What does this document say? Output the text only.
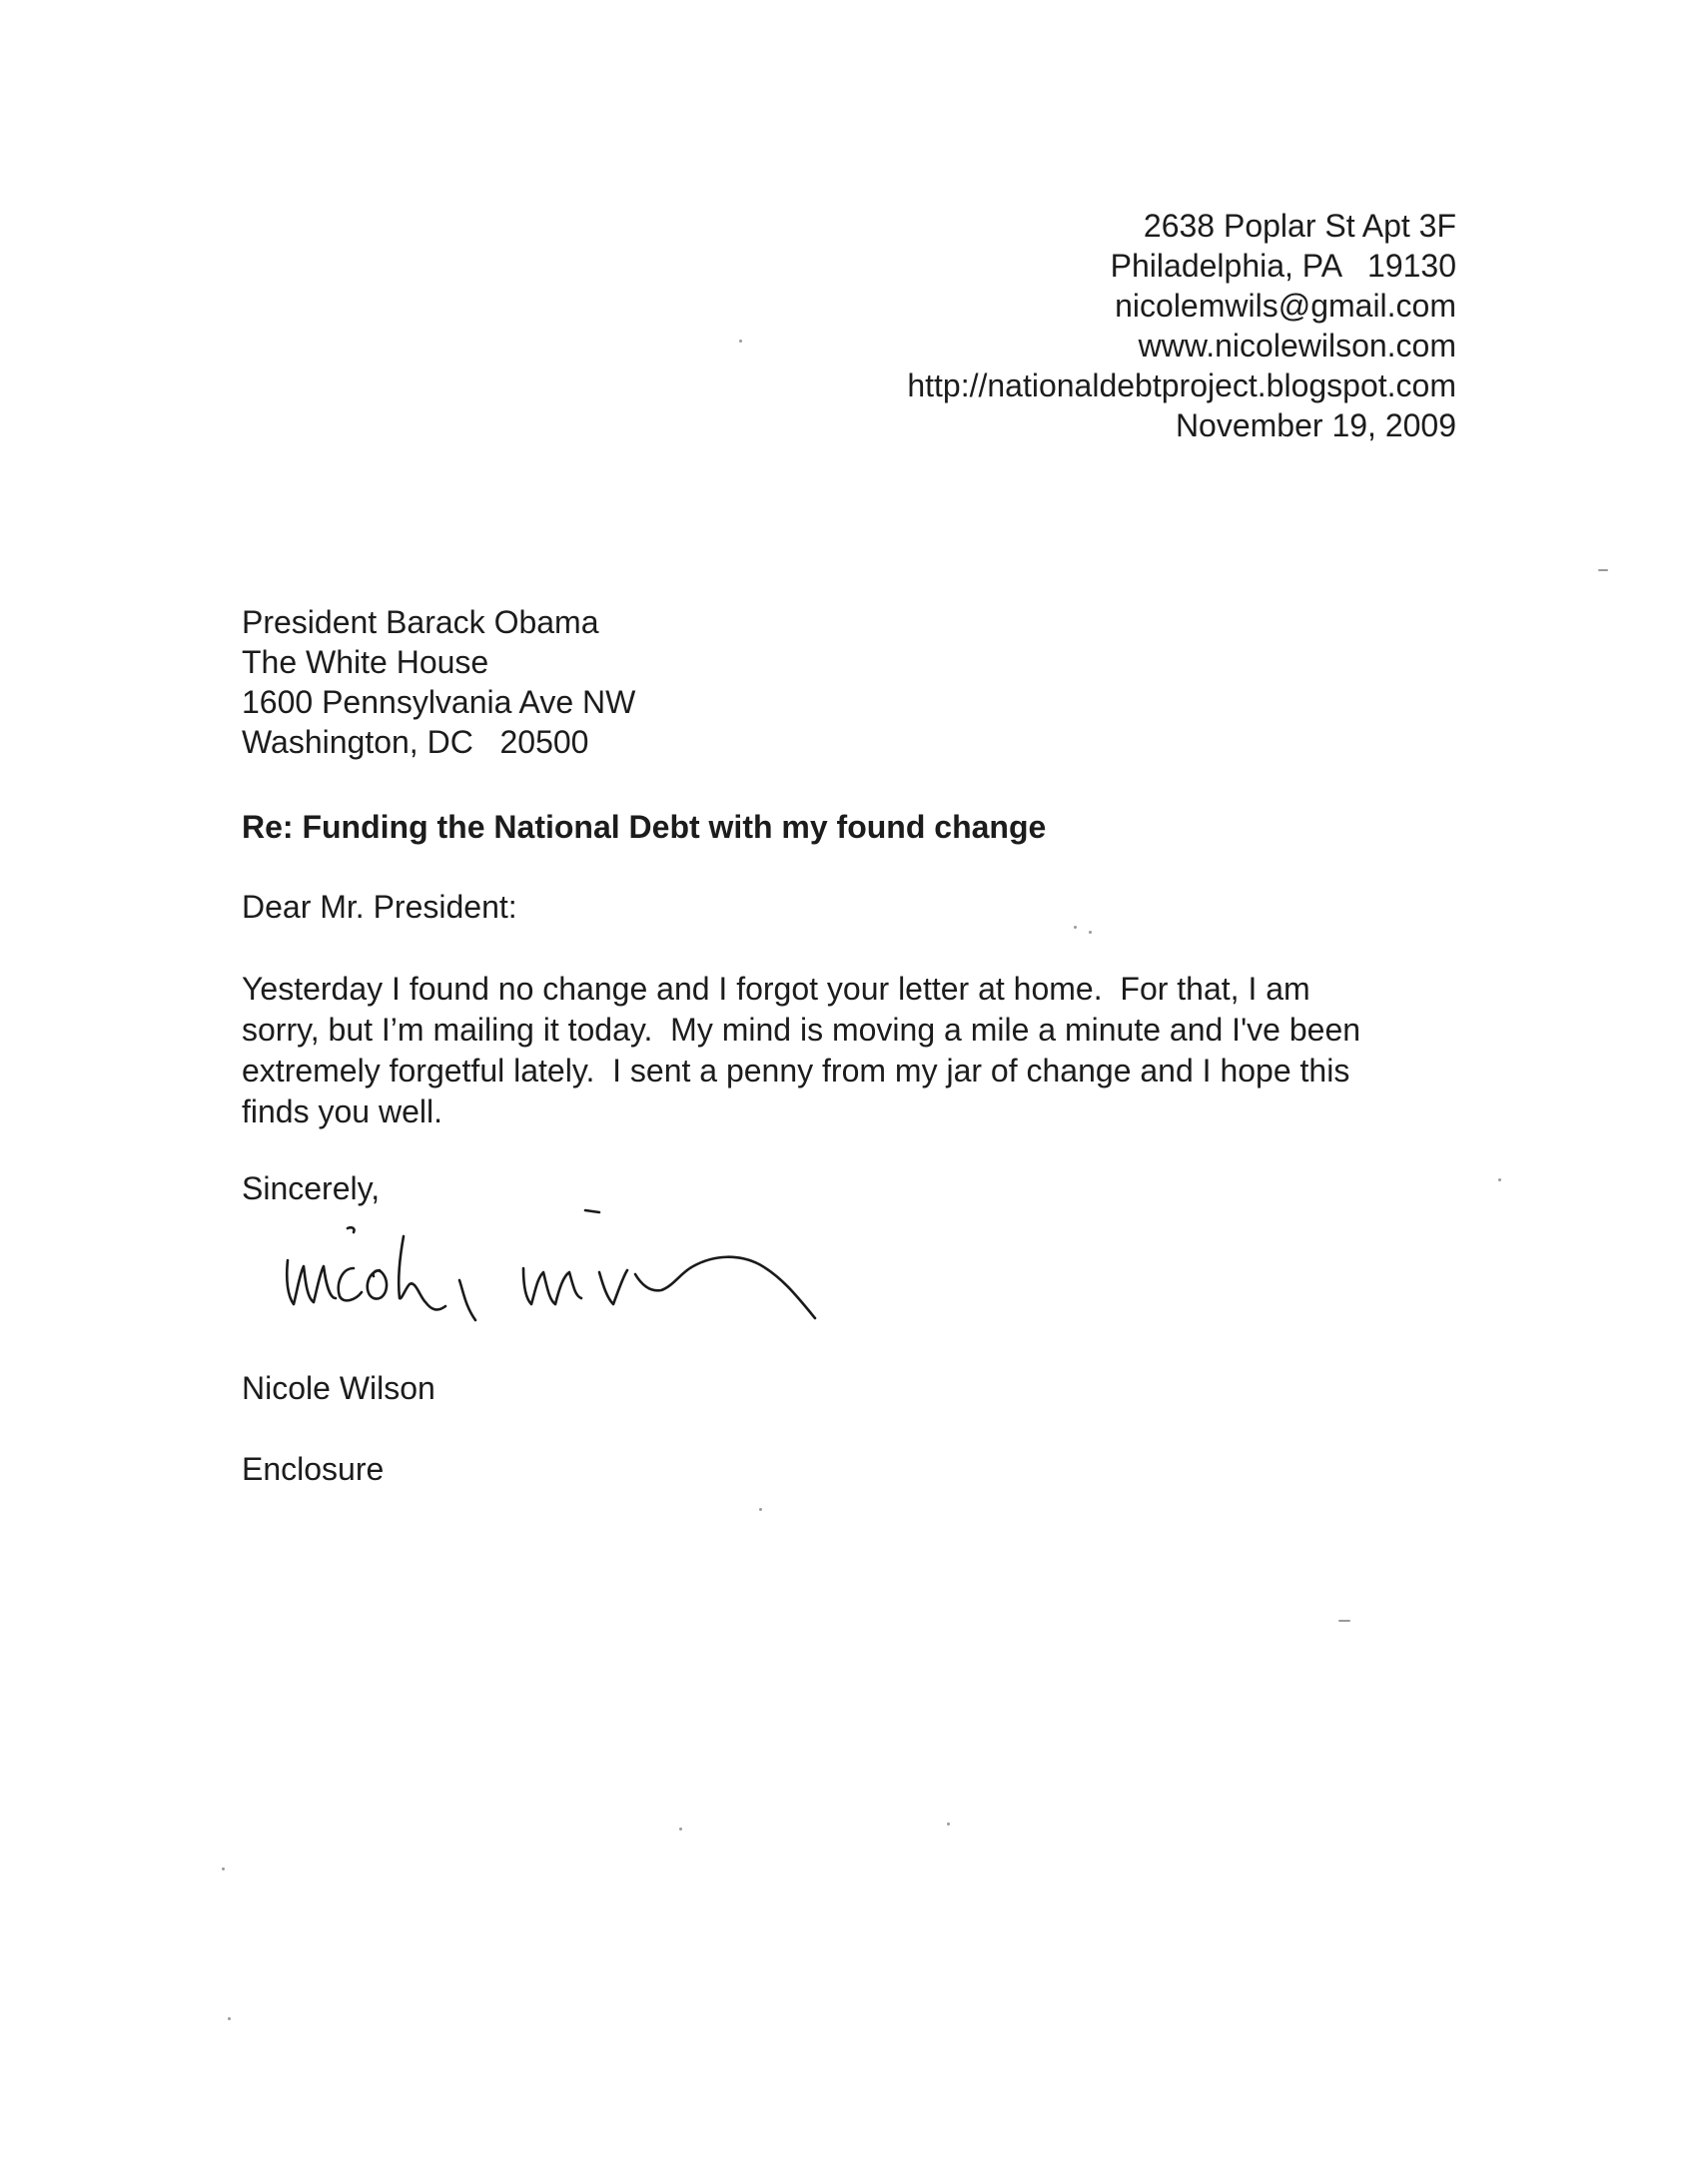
2638 Poplar St Apt 3F
Philadelphia, PA   19130
nicolemwils@gmail.com
www.nicolewilson.com
http://nationaldebtproject.blogspot.com
November 19, 2009
President Barack Obama
The White House
1600 Pennsylvania Ave NW
Washington, DC   20500
Re: Funding the National Debt with my found change
Dear Mr. President:
Yesterday I found no change and I forgot your letter at home.  For that, I am
sorry, but I’m mailing it today.  My mind is moving a mile a minute and I've been
extremely forgetful lately.  I sent a penny from my jar of change and I hope this
finds you well.
Sincerely,
Nicole Wilson
Enclosure
